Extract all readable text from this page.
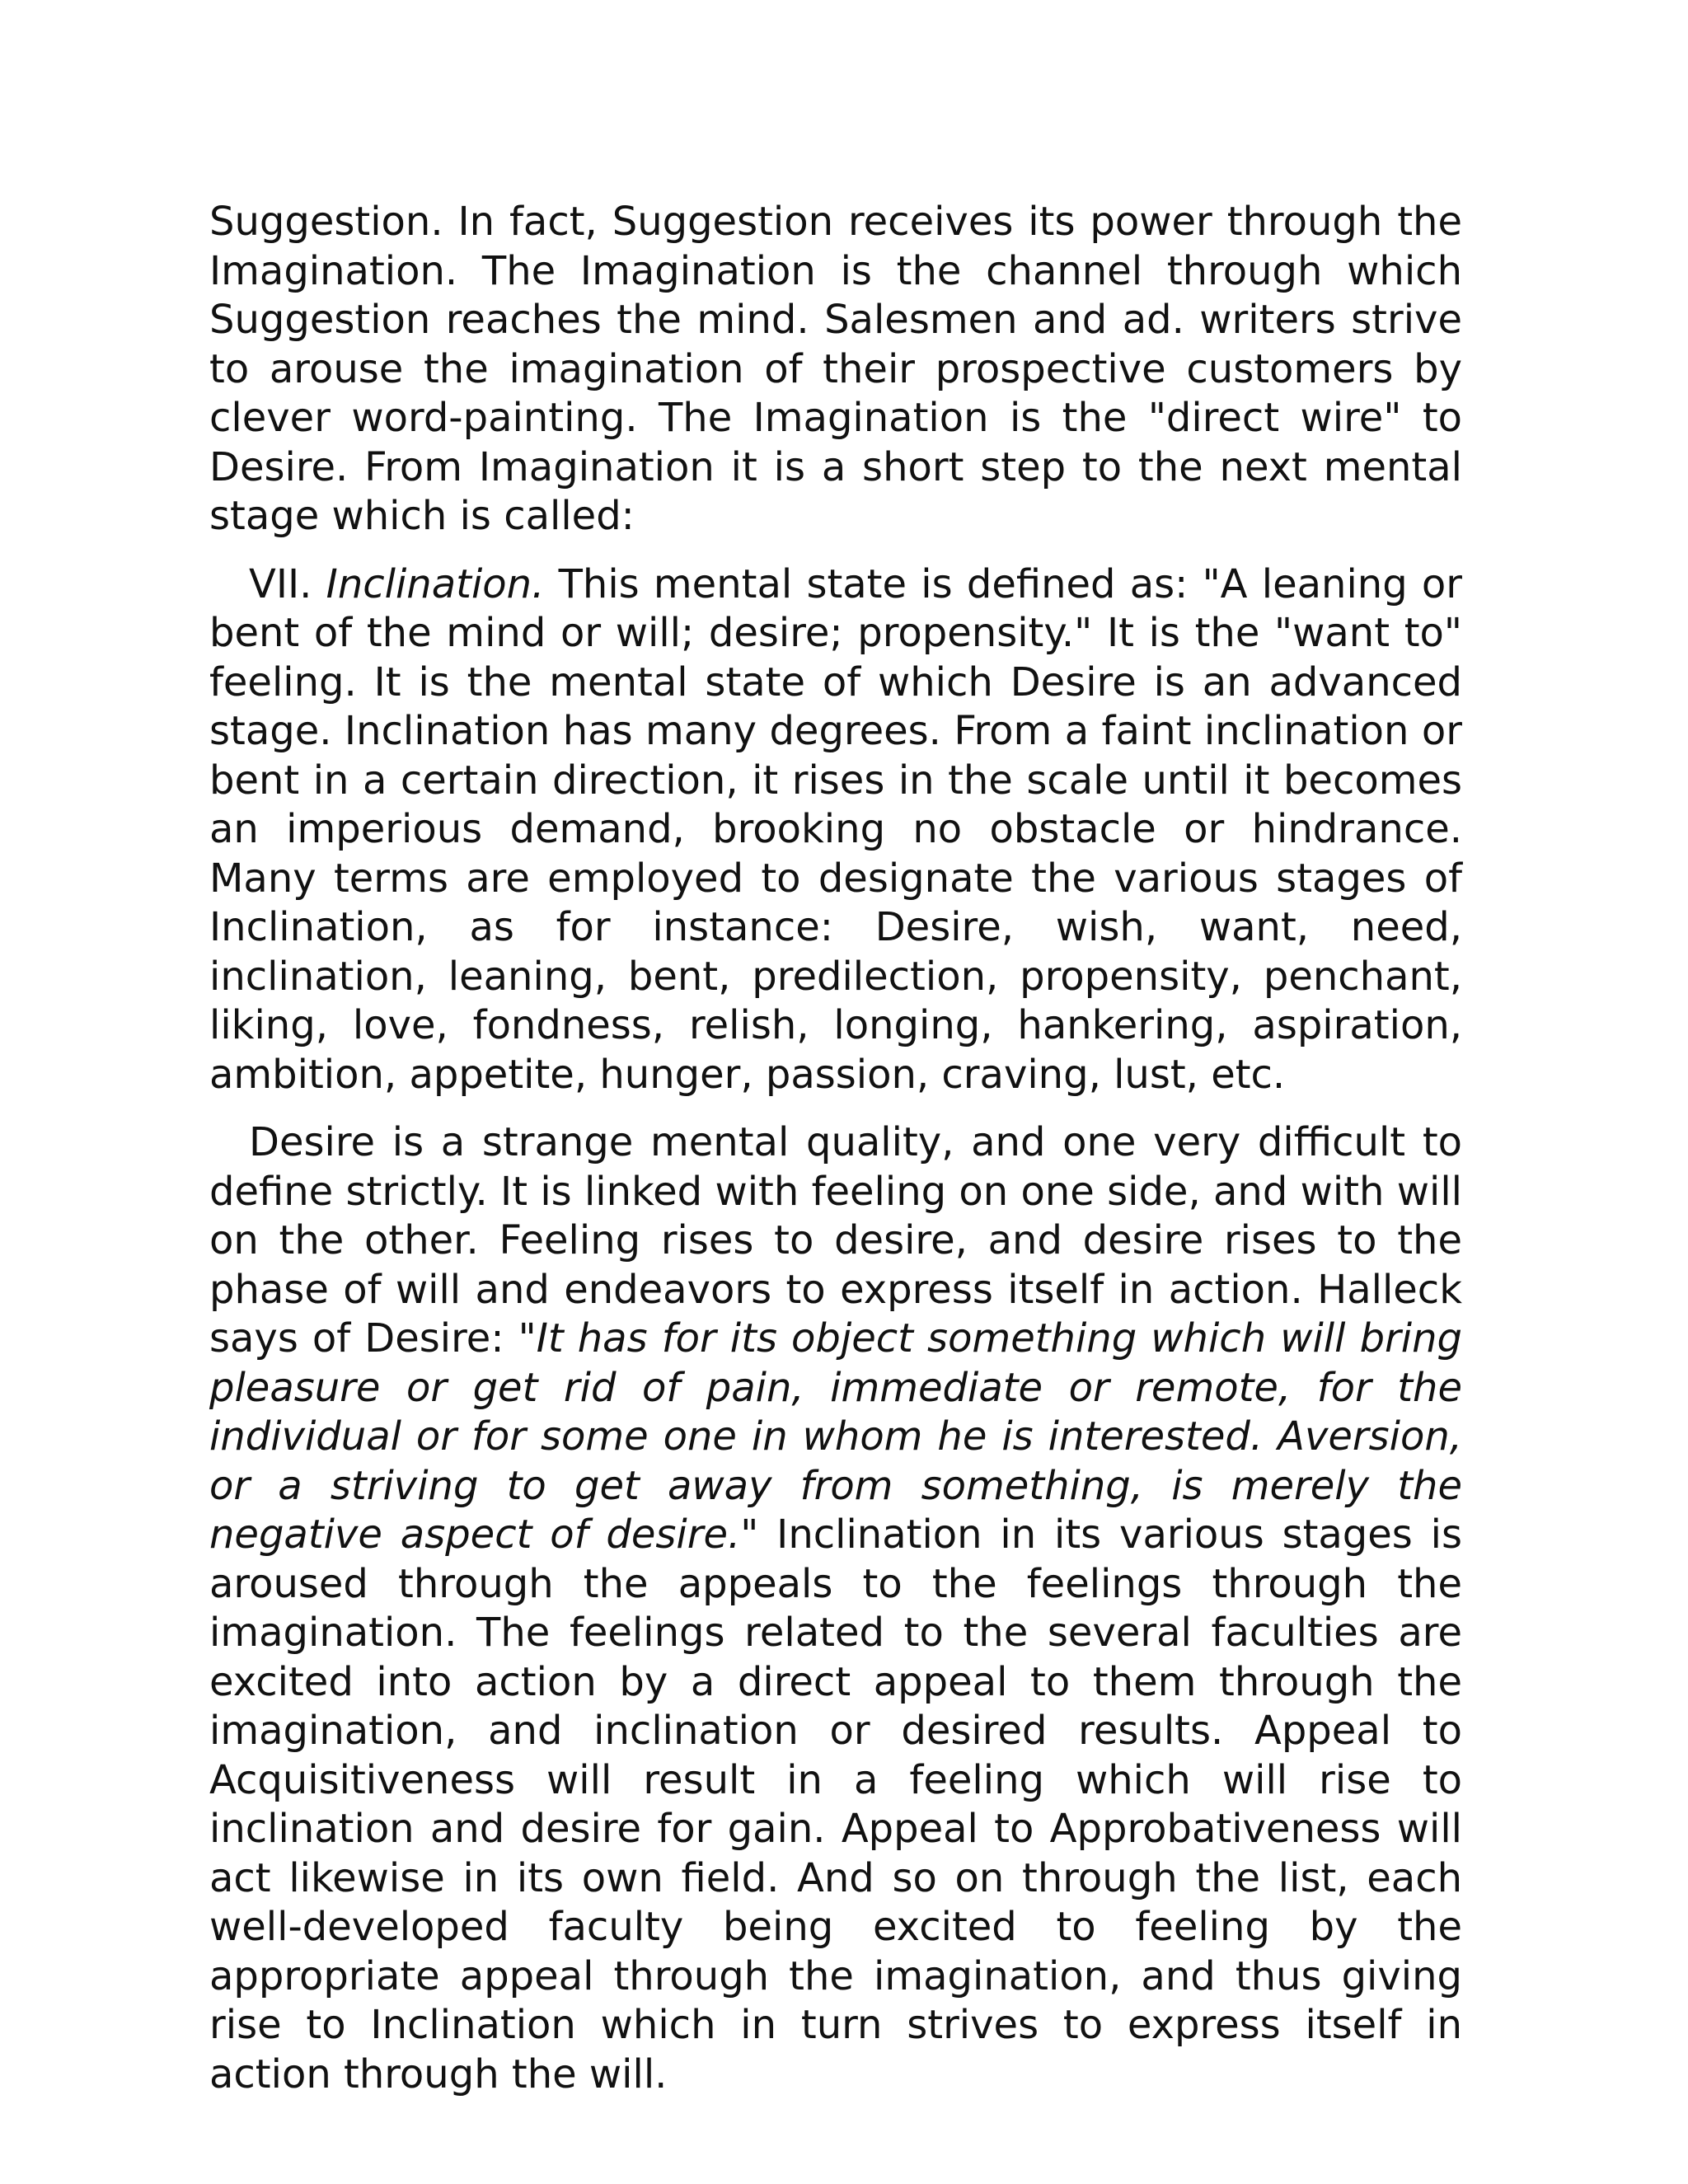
Suggestion. In fact, Suggestion receives its power through the Imagination. The Imagination is the channel through which Suggestion reaches the mind. Salesmen and ad. writers strive to arouse the imagination of their prospective customers by clever word-painting. The Imagination is the "direct wire" to Desire. From Imagination it is a short step to the next mental stage which is called:

VII. Inclination. This mental state is defined as: "A leaning or bent of the mind or will; desire; propensity." It is the "want to" feeling. It is the mental state of which Desire is an advanced stage. Inclination has many degrees. From a faint inclination or bent in a certain direction, it rises in the scale until it becomes an imperious demand, brooking no obstacle or hindrance. Many terms are employed to designate the various stages of Inclination, as for instance: Desire, wish, want, need, inclination, leaning, bent, predilection, propensity, penchant, liking, love, fondness, relish, longing, hankering, aspiration, ambition, appetite, hunger, passion, craving, lust, etc.

Desire is a strange mental quality, and one very difficult to define strictly. It is linked with feeling on one side, and with will on the other. Feeling rises to desire, and desire rises to the phase of will and endeavors to express itself in action. Halleck says of Desire: "It has for its object something which will bring pleasure or get rid of pain, immediate or remote, for the individual or for some one in whom he is interested. Aversion, or a striving to get away from something, is merely the negative aspect of desire." Inclination in its various stages is aroused through the appeals to the feelings through the imagination. The feelings related to the several faculties are excited into action by a direct appeal to them through the imagination, and inclination or desired results. Appeal to Acquisitiveness will result in a feeling which will rise to inclination and desire for gain. Appeal to Approbativeness will act likewise in its own field. And so on through the list, each well-developed faculty being excited to feeling by the appropriate appeal through the imagination, and thus giving rise to Inclination which in turn strives to express itself in action through the will.
